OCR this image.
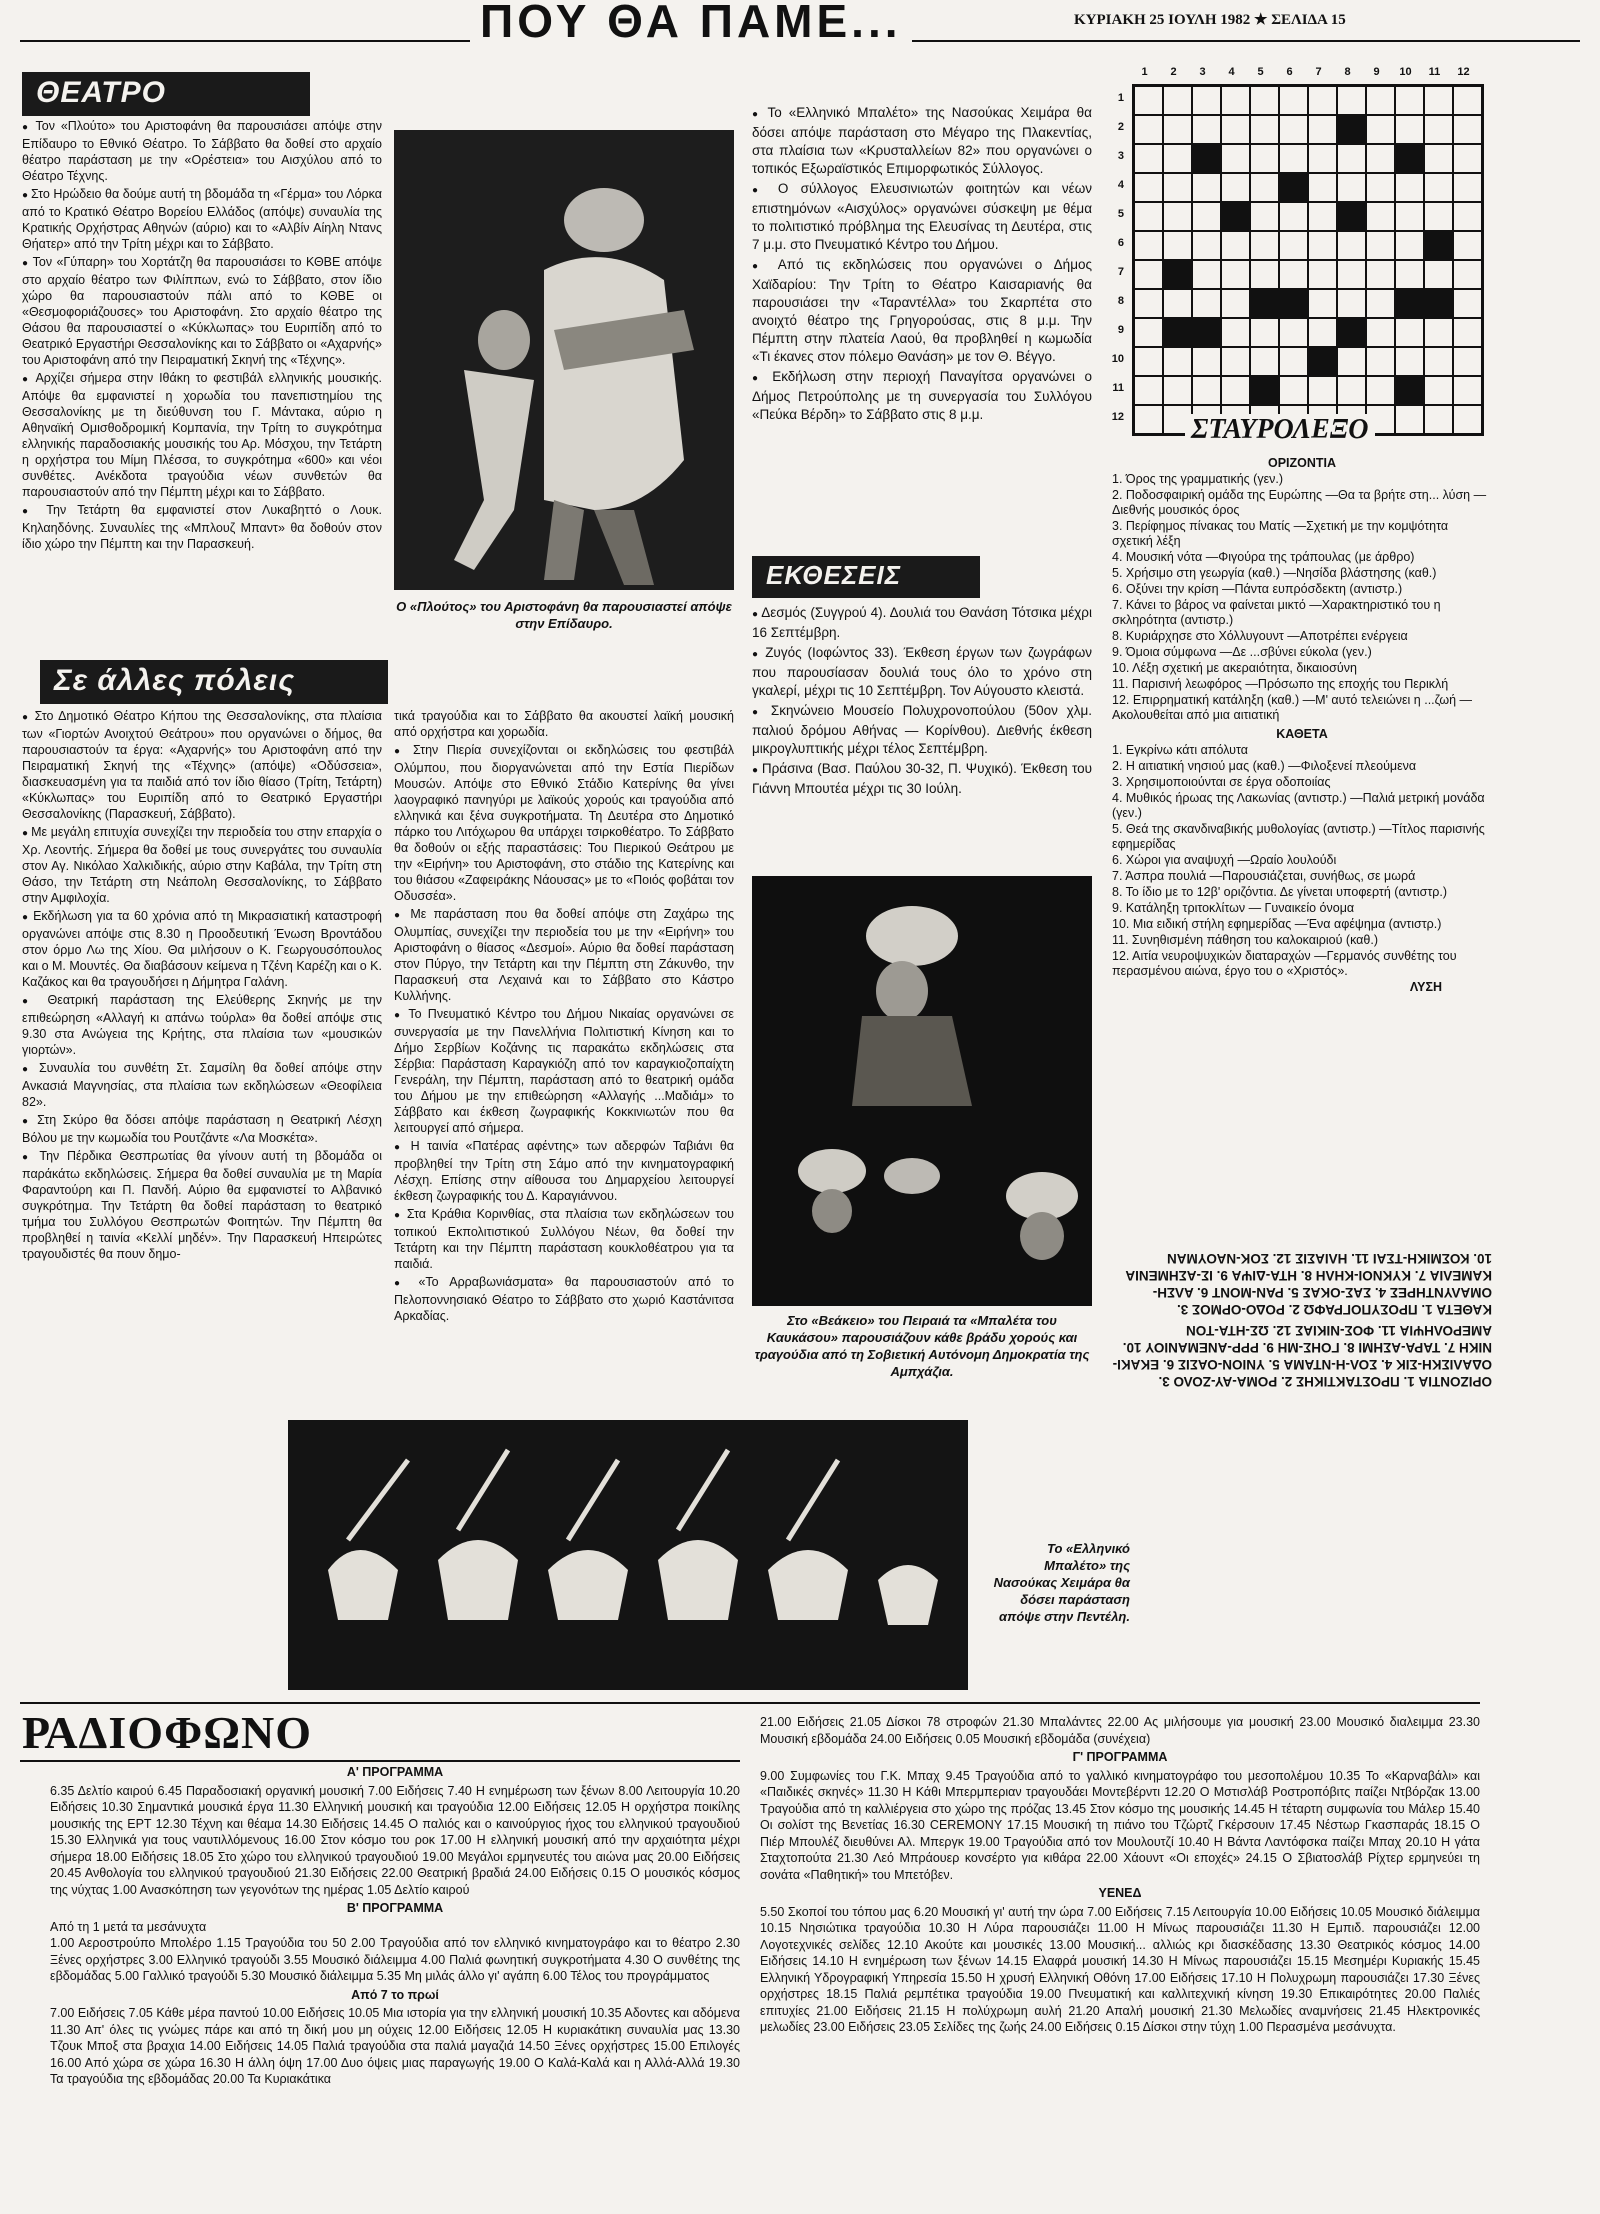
ΠΟΥ ΘΑ ΠΑΜΕ...	ΚΥΡΙΑΚΗ 25 ΙΟΥΛΗ 1982 ★ ΣΕΛΙΔΑ 15
ΘΕΑΤΡΟ

● Τον «Πλούτο» του Αριστοφάνη θα παρουσιάσει απόψε στην Επίδαυρο το Εθνικό Θέατρο. Το Σάββατο θα δοθεί στο αρχαίο θέατρο παράσταση με την «Ορέστεια» του Αισχύλου από το Θέατρο Τέχνης.

● Στο Ηρώδειο θα δούμε αυτή τη βδομάδα τη «Γέρμα» του Λόρκα από το Κρατικό Θέατρο Βορείου Ελλάδος (απόψε) συναυλία της Κρατικής Ορχήστρας Αθηνών (αύριο) και το «Αλβίν Αίηλη Ντανς Θήατερ» από την Τρίτη μέχρι και το Σάββατο.

● Τον «Γύπαρη» του Χορτάτζη θα παρουσιάσει το ΚΘΒΕ απόψε στο αρχαίο θέατρο των Φιλίππων, ενώ το Σάββατο, στον ίδιο χώρο θα παρουσιαστούν πάλι από το ΚΘΒΕ οι «Θεσμοφοριάζουσες» του Αριστοφάνη. Στο αρχαίο θέατρο της Θάσου θα παρουσιαστεί ο «Κύκλωπας» του Ευριπίδη από το Θεατρικό Εργαστήρι Θεσσαλονίκης και το Σάββατο οι «Αχαρνής» του Αριστοφάνη από την Πειραματική Σκηνή της «Τέχνης».

● Αρχίζει σήμερα στην Ιθάκη το φεστιβάλ ελληνικής μουσικής. Απόψε θα εμφανιστεί η χορωδία του πανεπιστημίου της Θεσσαλονίκης με τη διεύθυνση του Γ. Μάντακα, αύριο η Αθηναϊκή Ομισθοδρομική Κομπανία, την Τρίτη το συγκρότημα ελληνικής παραδοσιακής μουσικής του Αρ. Μόσχου, την Τετάρτη η ορχήστρα του Μίμη Πλέσσα, το συγκρότημα «600» και νέοι συνθέτες. Ανέκδοτα τραγούδια νέων συνθετών θα παρουσιαστούν από την Πέμπτη μέχρι και το Σάββατο.

● Την Τετάρτη θα εμφανιστεί στον Λυκαβηττό ο Λουκ. Κηλαηδόνης. Συναυλίες της «Μπλουζ Μπαντ» θα δοθούν στον ίδιο χώρο την Πέμπτη και την Παρασκευή.

Ο «Πλούτος» του Αριστοφάνη θα παρουσιαστεί απόψε στην Επίδαυρο.
Σε άλλες πόλεις

● Στο Δημοτικό Θέατρο Κήπου της Θεσσαλονίκης, στα πλαίσια των «Γιορτών Ανοιχτού Θεάτρου» που οργανώνει ο δήμος, θα παρουσιαστούν τα έργα: «Αχαρνής» του Αριστοφάνη από την Πειραματική Σκηνή της «Τέχνης» (απόψε) «Οδύσσεια», διασκευασμένη για τα παιδιά από τον ίδιο θίασο (Τρίτη, Τετάρτη) «Κύκλωπας» του Ευριπίδη από το Θεατρικό Εργαστήρι Θεσσαλονίκης (Παρασκευή, Σάββατο).

● Με μεγάλη επιτυχία συνεχίζει την περιοδεία του στην επαρχία ο Χρ. Λεοντής. Σήμερα θα δοθεί με τους συνεργάτες του συναυλία στον Αγ. Νικόλαο Χαλκιδικής, αύριο στην Καβάλα, την Τρίτη στη Θάσο, την Τετάρτη στη Νεάπολη Θεσσαλονίκης, το Σάββατο στην Αμφιλοχία.

● Εκδήλωση για τα 60 χρόνια από τη Μικρασιατική καταστροφή οργανώνει απόψε στις 8.30 η Προοδευτική Ένωση Βροντάδου στον όρμο Λω της Χίου. Θα μιλήσουν ο Κ. Γεωργουσόπουλος και ο Μ. Μουντές. Θα διαβάσουν κείμενα η Τζένη Καρέζη και ο Κ. Καζάκος και θα τραγουδήσει η Δήμητρα Γαλάνη.

● Θεατρική παράσταση της Ελεύθερης Σκηνής με την επιθεώρηση «Αλλαγή κι απάνω τούρλα» θα δοθεί απόψε στις 9.30 στα Ανώγεια της Κρήτης, στα πλαίσια των «μουσικών γιορτών».

● Συναυλία του συνθέτη Στ. Σαμσίλη θα δοθεί απόψε στην Ανκασιά Μαγνησίας, στα πλαίσια των εκδηλώσεων «Θεοφίλεια 82».

● Στη Σκύρο θα δόσει απόψε παράσταση η Θεατρική Λέσχη Βόλου με την κωμωδία του Ρουτζάντε «Λα Μοσκέτα».

● Την Πέρδικα Θεσπρωτίας θα γίνουν αυτή τη βδομάδα οι παράκάτω εκδηλώσεις. Σήμερα θα δοθεί συναυλία με τη Μαρία Φαραντούρη και Π. Πανδή. Αύριο θα εμφανιστεί το Αλβανικό συγκρότημα. Την Τετάρτη θα δοθεί παράσταση το θεατρικό τμήμα του Συλλόγου Θεσπρωτών Φοιτητών. Την Πέμπτη θα προβληθεί η ταινία «Κελλί μηδέν». Την Παρασκευή Ηπειρώτες τραγουδιστές θα πουν δημο-

τικά τραγούδια και το Σάββατο θα ακουστεί λαϊκή μουσική από ορχήστρα και χορωδία.

● Στην Πιερία συνεχίζονται οι εκδηλώσεις του φεστιβάλ Ολύμπου, που διοργανώνεται από την Εστία Πιερίδων Μουσών. Απόψε στο Εθνικό Στάδιο Κατερίνης θα γίνει λαογραφικό πανηγύρι με λαϊκούς χορούς και τραγούδια από ελληνικά και ξένα συγκροτήματα. Τη Δευτέρα στο Δημοτικό πάρκο του Λιτόχωρου θα υπάρχει τσιρκοθέατρο. Το Σάββατο θα δοθούν οι εξής παραστάσεις: Του Πιερικού Θεάτρου με την «Ειρήνη» του Αριστοφάνη, στο στάδιο της Κατερίνης και του θιάσου «Ζαφειράκης Νάουσας» με το «Ποιός φοβάται τον Οδυσσέα».

● Με παράσταση που θα δοθεί απόψε στη Ζαχάρω της Ολυμπίας, συνεχίζει την περιοδεία του με την «Ειρήνη» του Αριστοφάνη ο θίασος «Δεσμοί». Αύριο θα δοθεί παράσταση στον Πύργο, την Τετάρτη και την Πέμπτη στη Ζάκυνθο, την Παρασκευή στα Λεχαινά και το Σάββατο στο Κάστρο Κυλλήνης.

● Το Πνευματικό Κέντρο του Δήμου Νικαίας οργανώνει σε συνεργασία με την Πανελλήνια Πολιτιστική Κίνηση και το Δήμο Σερβίων Κοζάνης τις παρακάτω εκδηλώσεις στα Σέρβια: Παράσταση Καραγκιόζη από τον καραγκιοζοπαίχτη Γενεράλη, την Πέμπτη, παράσταση από το θεατρική ομάδα του Δήμου με την επιθεώρηση «Αλλαγής ...Μαδιάμ» το Σάββατο και έκθεση ζωγραφικής Κοκκινιωτών που θα λειτουργεί από σήμερα.

● Η ταινία «Πατέρας αφέντης» των αδερφών Ταβιάνι θα προβληθεί την Τρίτη στη Σάμο από την κινηματογραφική Λέσχη. Επίσης στην αίθουσα του Δημαρχείου λειτουργεί έκθεση ζωγραφικής του Δ. Καραγιάννου.

● Στα Κράθια Κορινθίας, στα πλαίσια των εκδηλώσεων του τοπικού Εκπολιτιστικού Συλλόγου Νέων, θα δοθεί την Τετάρτη και την Πέμπτη παράσταση κουκλοθέατρου για τα παιδιά.

● «Το Αρραβωνιάσματα» θα παρουσιαστούν από το Πελοποννησιακό Θέατρο το Σάββατο στο χωριό Καστάνιτσα Αρκαδίας.

● Το «Ελληνικό Μπαλέτο» της Νασούκας Χειμάρα θα δόσει απόψε παράσταση στο Μέγαρο της Πλακεντίας, στα πλαίσια των «Κρυσταλλείων 82» που οργανώνει ο τοπικός Εξωραϊστικός Επιμορφωτικός Σύλλογος.

● Ο σύλλογος Ελευσινιωτών φοιτητών και νέων επιστημόνων «Αισχύλος» οργανώνει σύσκεψη με θέμα το πολιτιστικό πρόβλημα της Ελευσίνας τη Δευτέρα, στις 7 μ.μ. στο Πνευματικό Κέντρο του Δήμου.

● Από τις εκδηλώσεις που οργανώνει ο Δήμος Χαϊδαρίου: Την Τρίτη το Θέατρο Καισαριανής θα παρουσιάσει την «Ταραντέλλα» του Σκαρπέτα στο ανοιχτό θέατρο της Γρηγορούσας, στις 8 μ.μ. Την Πέμπτη στην πλατεία Λαού, θα προβληθεί η κωμωδία «Τι έκανες στον πόλεμο Θανάση» με τον Θ. Βέγγο.

● Εκδήλωση στην περιοχή Παναγίτσα οργανώνει ο Δήμος Πετρούπολης με τη συνεργασία του Συλλόγου «Πεύκα Βέρδη» το Σάββατο στις 8 μ.μ.

ΕΚΘΕΣΕΙΣ

● Δεσμός (Συγγρού 4). Δουλιά του Θανάση Τότσικα μέχρι 16 Σεπτέμβρη.

● Ζυγός (Ιοφώντος 33). Έκθεση έργων των ζωγράφων που παρουσίασαν δουλιά τους όλο το χρόνο στη γκαλερί, μέχρι τις 10 Σεπτέμβρη. Τον Αύγουστο κλειστά.

● Σκηνώνειο Μουσείο Πολυχρονοπούλου (50ον χλμ. παλιού δρόμου Αθήνας — Κορίνθου). Διεθνής έκθεση μικρογλυπτικής μέχρι τέλος Σεπτέμβρη.

● Πράσινα (Βασ. Παύλου 30-32, Π. Ψυχικό). Έκθεση του Γιάννη Μπουτέα μέχρι τις 30 Ιούλη.

Στο «Βεάκειο» του Πειραιά τα «Μπαλέτα του Καυκάσου» παρουσιάζουν κάθε βράδυ χορούς και τραγούδια από τη Σοβιετική Αυτόνομη Δημοκρατία της Αμπχάζια.
Το «Ελληνικό Μπαλέτο» της Νασούκας Χειμάρα θα δόσει παράσταση απόψε στην Πεντέλη.
1	2	3	4	5	6	7	8	9	10	11	12
1
2
3
4
5
6
7
8
9
10
11
12 ΣΤΑΥΡΟΛΕΞΟ

ΟΡΙΖΟΝΤΙΑ

1. Όρος της γραμματικής (γεν.)

2. Ποδοσφαιρική ομάδα της Ευρώπης —Θα τα βρήτε στη... λύση —Διεθνής μουσικός όρος

3. Περίφημος πίνακας του Ματίς —Σχετική με την κομψότητα σχετική λέξη

4. Μουσική νότα —Φιγούρα της τράπουλας (με άρθρο)

5. Χρήσιμο στη γεωργία (καθ.) —Νησίδα βλάστησης (καθ.)

6. Οξύνει την κρίση —Πάντα ευπρόσδεκτη (αντιστρ.)

7. Κάνει το βάρος να φαίνεται μικτό —Χαρακτηριστικό του η σκληρότητα (αντιστρ.)

8. Κυριάρχησε στο Χόλλυγουντ —Αποτρέπει ενέργεια

9. Όμοια σύμφωνα —Δε ...σβύνει εύκολα (γεν.)

10. Λέξη σχετική με ακεραιότητα, δικαιοσύνη

11. Παρισινή λεωφόρος —Πρόσωπο της εποχής του Περικλή

12. Επιρρηματική κατάληξη (καθ.) —Μ' αυτό τελειώνει η ...ζωή —Ακολουθείται από μια αιτιατική

ΚΑΘΕΤΑ

1. Εγκρίνω κάτι απόλυτα

2. Η αιτιατική νησιού μας (καθ.) —Φιλοξενεί πλεούμενα

3. Χρησιμοποιούνται σε έργα οδοποιίας

4. Μυθικός ήρωας της Λακωνίας (αντιστρ.) —Παλιά μετρική μονάδα (γεν.)

5. Θεά της σκανδιναβικής μυθολογίας (αντιστρ.) —Τίτλος παρισινής εφημερίδας

6. Χώροι για αναψυχή —Ωραίο λουλούδι

7. Άσπρα πουλιά —Παρουσιάζεται, συνήθως, σε μωρά

8. Το ίδιο με το 12β' οριζόντια. Δε γίνεται υποφερτή (αντιστρ.)

9. Κατάληξη τριτοκλίτων — Γυναικείο όνομα

10. Μια ειδική στήλη εφημερίδας —Ένα αφέψημα (αντιστρ.)

11. Συνηθισμένη πάθηση του καλοκαιριού (καθ.)

12. Αιτία νευροψυχικών διαταραχών —Γερμανός συνθέτης του περασμένου αιώνα, έργο του ο «Χριστός».

ΛΥΣΗ

ΟΡΙΖΟΝΤΙΑ 1. ΠΡΟΣΤΑΚΤΙΚΗΣ 2. ΡΟΜΑ-ΑΥ-ΖΟΛΟ 3. ΟΔΑΛΙΣΚΗ-ΣΙΚ 4. ΣΟΛ-Η-ΝΤΑΜΑ 5. ΥΝΙΟΝ-ΟΑΣΙΣ 6. ΕΚΑΚΙ-ΝΙΚΗ 7. ΤΑΡΑ-ΑΣΗΜΙ 8. ΓΟΗΣ-ΜΗ 9. ΡΡΡ-ΑΝΕΜΑΝΙΟΥ 10. ΑΜΕΡΟΛΗΨΙΑ 11. ΦΟΣ-ΝΙΚΙΑΣ 12. ΩΣ-ΗΤΑ-ΤΟΝ

ΚΑΘΕΤΑ 1. ΠΡΟΣΥΠΟΓΡΑΦΩ 2. ΡΟΔΟ-ΟΡΜΟΣ 3. ΟΜΑΛΥΝΤΗΡΕΣ 4. ΣΑΣ-ΟΚΑΣ 5. ΡΑΝ-ΜΟΝΤ 6. ΑΛΣΗ-ΚΑΜΕΛΙΑ 7. ΚΥΚΝΟΙ-ΚΗΛΗ 8. ΗΤΑ-ΔΙΨΑ 9. ΙΣ-ΑΣΗΜΕΝΙΑ 10. ΚΟΣΜΙΚΗ-ΤΣΑΙ 11. ΗΛΙΑΣΙΣ 12. ΣΟΚ-ΝΑΟΥΜΑΝ

ΡΑΔΙΟΦΩΝΟ

Α' ΠΡΟΓΡΑΜΜΑ

6.35 Δελτίο καιρού 6.45 Παραδοσιακή οργανική μουσική 7.00 Ειδήσεις 7.40 Η ενημέρωση των ξένων 8.00 Λειτουργία 10.20 Ειδήσεις 10.30 Σημαντικά μουσικά έργα 11.30 Ελληνική μουσική και τραγούδια 12.00 Ειδήσεις 12.05 Η ορχήστρα ποικίλης μουσικής της ΕΡΤ 12.30 Τέχνη και θέαμα 14.30 Ειδήσεις 14.45 Ο παλιός και ο καινούργιος ήχος του ελληνικού τραγουδιού 15.30 Ελληνικά για τους ναυτιλλόμενους 16.00 Στον κόσμο του ροκ 17.00 Η ελληνική μουσική από την αρχαιότητα μέχρι σήμερα 18.00 Ειδήσεις 18.05 Στο χώρο του ελληνικού τραγουδιού 19.00 Μεγάλοι ερμηνευτές του αιώνα μας 20.00 Ειδήσεις 20.45 Ανθολογία του ελληνικού τραγουδιού 21.30 Ειδήσεις 22.00 Θεατρική βραδιά 24.00 Ειδήσεις 0.15 Ο μουσικός κόσμος της νύχτας 1.00 Ανασκόπηση των γεγονότων της ημέρας 1.05 Δελτίο καιρού

Β' ΠΡΟΓΡΑΜΜΑ

Από τη 1 μετά τα μεσάνυχτα

1.00 Αεροστρούπο Μπολέρο 1.15 Τραγούδια του 50 2.00 Τραγούδια από τον ελληνικό κινηματογράφο και το θέατρο 2.30 Ξένες ορχήστρες 3.00 Ελληνικό τραγούδι 3.55 Μουσικό διάλειμμα 4.00 Παλιά φωνητική συγκροτήματα 4.30 Ο συνθέτης της εβδομάδας 5.00 Γαλλικό τραγούδι 5.30 Μουσικό διάλειμμα 5.35 Μη μιλάς άλλο γι' αγάπη 6.00 Τέλος του προγράμματος

Από 7 το πρωί

7.00 Ειδήσεις 7.05 Κάθε μέρα παντού 10.00 Ειδήσεις 10.05 Μια ιστορία για την ελληνική μουσική 10.35 Αδοντες και αδόμενα 11.30 Απ' όλες τις γνώμες πάρε και από τη δική μου μη ούχεις 12.00 Ειδήσεις 12.05 Η κυριακάτικη συναυλία μας 13.30 Τζουκ Μποξ στα βραχια 14.00 Ειδήσεις 14.05 Παλιά τραγούδια στα παλιά μαγαζιά 14.50 Ξένες ορχήστρες 15.00 Επιλογές 16.00 Από χώρα σε χώρα 16.30 Η άλλη όψη 17.00 Δυο όψεις μιας παραγωγής 19.00 Ο Καλά-Καλά και η Αλλά-Αλλά 19.30 Τα τραγούδια της εβδομάδας 20.00 Τα Κυριακάτικα

21.00 Ειδήσεις 21.05 Δίσκοι 78 στροφών 21.30 Μπαλάντες 22.00 Ας μιλήσουμε για μουσική 23.00 Μουσικό διαλειμμα 23.30 Μουσική εβδομάδα 24.00 Ειδήσεις 0.05 Μουσική εβδομάδα (συνέχεια)

Γ' ΠΡΟΓΡΑΜΜΑ

9.00 Συμφωνίες του Γ.Κ. Μπαχ 9.45 Τραγούδια από το γαλλικό κινηματογράφο του μεσοπολέμου 10.35 Το «Καρναβάλι» και «Παιδικές σκηνές» 11.30 Η Κάθι Μπερμπεριαν τραγουδάει Μοντεβέρντι 12.20 Ο Μστισλάβ Ροστροπόβιτς παίζει Ντβόρζακ 13.00 Τραγούδια από τη καλλιέργεια στο χώρο της πρόζας 13.45 Στον κόσμο της μουσικής 14.45 Η τέταρτη συμφωνία του Μάλερ 15.40 Οι σολίστ της Βενετίας 16.30 CEREMONY 17.15 Μουσική τη πιάνο του Τζώρτζ Γκέρσουιν 17.45 Νέστωρ Γκασπαράς 18.15 Ο Πιέρ Μπουλέζ διευθύνει Αλ. Μπεργκ 19.00 Τραγούδια από τον Μουλουτζί 10.40 Η Βάντα Λαντόφσκα παίζει Μπαχ 20.10 Η γάτα Σταχτοπούτα 21.30 Λεό Μπράουερ κονσέρτο για κιθάρα 22.00 Χάουντ «Οι εποχές» 24.15 Ο Σβιατοσλάβ Ρίχτερ ερμηνεύει τη σονάτα «Παθητική» του Μπετόβεν.

ΥΕΝΕΔ

5.50 Σκοποί του τόπου μας 6.20 Μουσική γι' αυτή την ώρα 7.00 Ειδήσεις 7.15 Λειτουργία 10.00 Ειδήσεις 10.05 Μουσικό διάλειμμα 10.15 Νησιώτικα τραγούδια 10.30 Η Λύρα παρουσιάζει 11.00 Η Μίνως παρουσιάζει 11.30 Η Εμπιδ. παρουσιάζει 12.00 Λογοτεχνικές σελίδες 12.10 Ακούτε και μουσικές 13.00 Μουσική... αλλιώς κρι διασκέδασης 13.30 Θεατρικός κόσμος 14.00 Ειδήσεις 14.10 Η ενημέρωση των ξένων 14.15 Ελαφρά μουσική 14.30 Η Μίνως παρουσιάζει 15.15 Μεσημέρι Κυριακής 15.45 Ελληνική Υδρογραφική Υπηρεσία 15.50 Η χρυσή Ελληνική Οθόνη 17.00 Ειδήσεις 17.10 Η Πολυχρωμη παρουσιάζει 17.30 Ξένες ορχήστρες 18.15 Παλιά ρεμπέτικα τραγούδια 19.00 Πνευματική και καλλιτεχνική κίνηση 19.30 Επικαιρότητες 20.00 Παλιές επιτυχίες 21.00 Ειδήσεις 21.15 Η πολύχρωμη αυλή 21.20 Απαλή μουσική 21.30 Μελωδίες αναμνήσεις 21.45 Ηλεκτρονικές μελωδίες 23.00 Ειδήσεις 23.05 Σελίδες της ζωής 24.00 Ειδήσεις 0.15 Δίσκοι στην τύχη 1.00 Περασμένα μεσάνυχτα.
